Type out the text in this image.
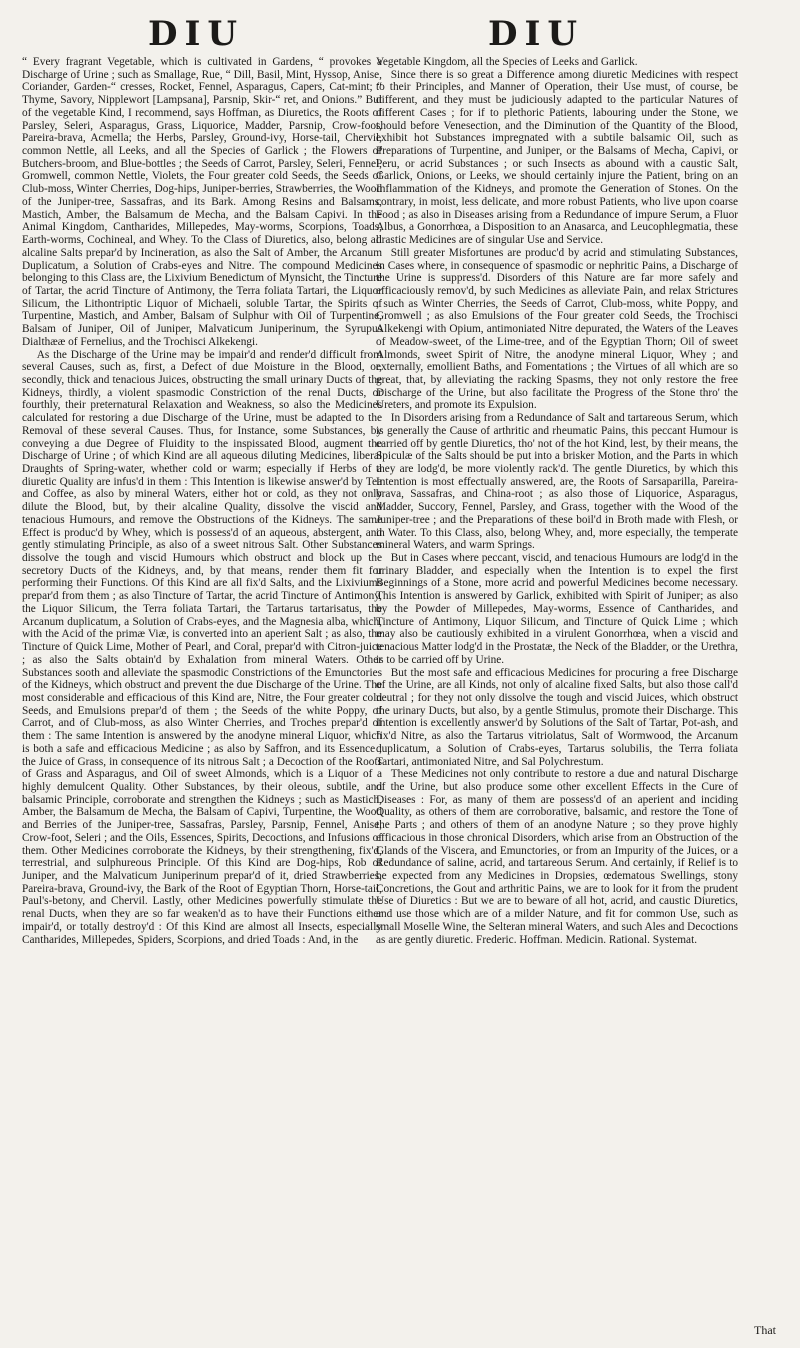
DIU	DIU

“ Every fragrant Vegetable, which is cultivated in Gardens, “ provokes a Discharge of Urine ; such as Smallage, Rue, “ Dill, Basil, Mint, Hyssop, Anise, Coriander, Garden-“ cresses, Rocket, Fennel, Asparagus, Capers, Cat-mint; “ Thyme, Savory, Nipplewort [Lampsana], Parsnip, Skir-“ ret, and Onions.” But of the vegetable Kind, I recommend, says Hoffman, as Diuretics, the Roots of Parsley, Seleri, Asparagus, Grass, Liquorice, Madder, Parsnip, Crow-foot, Pareira-brava, Acmella; the Herbs, Parsley, Ground-ivy, Horse-tail, Chervil, common Nettle, all Leeks, and all the Species of Garlick ; the Flowers of Butchers-broom, and Blue-bottles ; the Seeds of Carrot, Parsley, Seleri, Fennel, Gromwell, common Nettle, Violets, the Four greater cold Seeds, the Seeds of Club-moss, Winter Cherries, Dog-hips, Juniper-berries, Strawberries, the Wood of the Juniper-tree, Sassafras, and its Bark. Among Resins and Balsams, Mastich, Amber, the Balsamum de Mecha, and the Balsam Capivi. In the Animal Kingdom, Cantharides, Millepedes, May-worms, Scorpions, Toads, Earth-worms, Cochineal, and Whey. To the Class of Diuretics, also, belong all alcaline Salts prepar'd by Incineration, as also the Salt of Amber, the Arcanum Duplicatum, a Solution of Crabs-eyes and Nitre. The compound Medicines belonging to this Class are, the Lixivium Benedictum of Mynsicht, the Tincture of Tartar, the acrid Tincture of Antimony, the Terra foliata Tartari, the Liquor Silicum, the Lithontriptic Liquor of Michaeli, soluble Tartar, the Spirits of Turpentine, Mastich, and Amber, Balsam of Sulphur with Oil of Turpentine, Balsam of Juniper, Oil of Juniper, Malvaticum Juniperinum, the Syrupus Dialthææ of Fernelius, and the Trochisci Alkekengi.

As the Discharge of the Urine may be impair'd and render'd difficult from several Causes, such as, first, a Defect of due Moisture in the Blood, or, secondly, thick and tenacious Juices, obstructing the small urinary Ducts of the Kidneys, thirdly, a violent spasmodic Constriction of the renal Ducts, or fourthly, their preternatural Relaxation and Weakness, so also the Medicines calculated for restoring a due Discharge of the Urine, must be adapted to the Removal of these several Causes. Thus, for Instance, some Substances, by conveying a due Degree of Fluidity to the inspissated Blood, augment the Discharge of Urine ; of which Kind are all aqueous diluting Medicines, liberal Draughts of Spring-water, whether cold or warm; especially if Herbs of a diuretic Quality are infus'd in them : This Intention is likewise answer'd by Tea and Coffee, as also by mineral Waters, either hot or cold, as they not only dilute the Blood, but, by their alcaline Quality, dissolve the viscid and tenacious Humours, and remove the Obstructions of the Kidneys. The same Effect is produc'd by Whey, which is possess'd of an aqueous, abstergent, and gently stimulating Principle, as also of a sweet nitrous Salt. Other Substances dissolve the tough and viscid Humours which obstruct and block up the secretory Ducts of the Kidneys, and, by that means, render them fit for performing their Functions. Of this Kind are all fix'd Salts, and the Lixiviums prepar'd from them ; as also Tincture of Tartar, the acrid Tincture of Antimony, the Liquor Silicum, the Terra foliata Tartari, the Tartarus tartarisatus, the Arcanum duplicatum, a Solution of Crabs-eyes, and the Magnesia alba, which, with the Acid of the primæ Viæ, is converted into an aperient Salt ; as also, the Tincture of Quick Lime, Mother of Pearl, and Coral, prepar'd with Citron-juice ; as also the Salts obtain'd by Exhalation from mineral Waters. Other Substances sooth and alleviate the spasmodic Constrictions of the Emunctories of the Kidneys, which obstruct and prevent the due Discharge of the Urine. The most considerable and efficacious of this Kind are, Nitre, the Four greater cold Seeds, and Emulsions prepar'd of them ; the Seeds of the white Poppy, of Carrot, and of Club-moss, as also Winter Cherries, and Troches prepar'd of them : The same Intention is answered by the anodyne mineral Liquor, which is both a safe and efficacious Medicine ; as also by Saffron, and its Essence ; the Juice of Grass, in consequence of its nitrous Salt ; a Decoction of the Roots of Grass and Asparagus, and Oil of sweet Almonds, which is a Liquor of a highly demulcent Quality. Other Substances, by their oleous, subtile, and balsamic Principle, corroborate and strengthen the Kidneys ; such as Mastich, Amber, the Balsamum de Mecha, the Balsam of Capivi, Turpentine, the Wood and Berries of the Juniper-tree, Sassafras, Parsley, Parsnip, Fennel, Anise, Crow-foot, Seleri ; and the Oils, Essences, Spirits, Decoctions, and Infusions of them. Other Medicines corroborate the Kidneys, by their strengthening, fix'd, terrestrial, and sulphureous Principle. Of this Kind are Dog-hips, Rob of Juniper, and the Malvaticum Juniperinum prepar'd of it, dried Strawberries, Pareira-brava, Ground-ivy, the Bark of the Root of Egyptian Thorn, Horse-tail, Paul's-betony, and Chervil. Lastly, other Medicines powerfully stimulate the renal Ducts, when they are so far weaken'd as to have their Functions either impair'd, or totally destroy'd : Of this Kind are almost all Insects, especially Cantharides, Millepedes, Spiders, Scorpions, and dried Toads : And, in the

Vegetable Kingdom, all the Species of Leeks and Garlick.

Since there is so great a Difference among diuretic Medicines with respect to their Principles, and Manner of Operation, their Use must, of course, be different, and they must be judiciously adapted to the particular Natures of different Cases ; for if to plethoric Patients, labouring under the Stone, we should before Venesection, and the Diminution of the Quantity of the Blood, exhibit hot Substances impregnated with a subtile balsamic Oil, such as Preparations of Turpentine, and Juniper, or the Balsams of Mecha, Capivi, or Peru, or acrid Substances ; or such Insects as abound with a caustic Salt, Garlick, Onions, or Leeks, we should certainly injure the Patient, bring on an Inflammation of the Kidneys, and promote the Generation of Stones. On the contrary, in moist, less delicate, and more robust Patients, who live upon coarse Food ; as also in Diseases arising from a Redundance of impure Serum, a Fluor Albus, a Gonorrhœa, a Disposition to an Anasarca, and Leucophlegmatia, these drastic Medicines are of singular Use and Service.

Still greater Misfortunes are produc'd by acrid and stimulating Substances, in Cases where, in consequence of spasmodic or nephritic Pains, a Discharge of the Urine is suppress'd. Disorders of this Nature are far more safely and efficaciously remov'd, by such Medicines as alleviate Pain, and relax Strictures ; such as Winter Cherries, the Seeds of Carrot, Club-moss, white Poppy, and Gromwell ; as also Emulsions of the Four greater cold Seeds, the Trochisci Alkekengi with Opium, antimoniated Nitre depurated, the Waters of the Leaves of Meadow-sweet, of the Lime-tree, and of the Egyptian Thorn; Oil of sweet Almonds, sweet Spirit of Nitre, the anodyne mineral Liquor, Whey ; and externally, emollient Baths, and Fomentations ; the Virtues of all which are so great, that, by alleviating the racking Spasms, they not only restore the free Discharge of the Urine, but also facilitate the Progress of the Stone thro' the Ureters, and promote its Expulsion.

In Disorders arising from a Redundance of Salt and tartareous Serum, which is generally the Cause of arthritic and rheumatic Pains, this peccant Humour is carried off by gentle Diuretics, tho' not of the hot Kind, lest, by their means, the Spiculæ of the Salts should be put into a brisker Motion, and the Parts in which they are lodg'd, be more violently rack'd. The gentle Diuretics, by which this Intention is most effectually answered, are, the Roots of Sarsaparilla, Pareira-brava, Sassafras, and China-root ; as also those of Liquorice, Asparagus, Madder, Succory, Fennel, Parsley, and Grass, together with the Wood of the Juniper-tree ; and the Preparations of these boil'd in Broth made with Flesh, or in Water. To this Class, also, belong Whey, and, more especially, the temperate mineral Waters, and warm Springs.

But in Cases where peccant, viscid, and tenacious Humours are lodg'd in the urinary Bladder, and especially when the Intention is to expel the first Beginnings of a Stone, more acrid and powerful Medicines become necessary. This Intention is answered by Garlick, exhibited with Spirit of Juniper; as also by the Powder of Millepedes, May-worms, Essence of Cantharides, and Tincture of Antimony, Liquor Silicum, and Tincture of Quick Lime ; which may also be cautiously exhibited in a virulent Gonorrhœa, when a viscid and tenacious Matter lodg'd in the Prostatæ, the Neck of the Bladder, or the Urethra, is to be carried off by Urine.

But the most safe and efficacious Medicines for procuring a free Discharge of the Urine, are all Kinds, not only of alcaline fixed Salts, but also those call'd neutral ; for they not only dissolve the tough and viscid Juices, which obstruct the urinary Ducts, but also, by a gentle Stimulus, promote their Discharge. This Intention is excellently answer'd by Solutions of the Salt of Tartar, Pot-ash, and fix'd Nitre, as also the Tartarus vitriolatus, Salt of Wormwood, the Arcanum duplicatum, a Solution of Crabs-eyes, Tartarus solubilis, the Terra foliata Tartari, antimoniated Nitre, and Sal Polychrestum.

These Medicines not only contribute to restore a due and natural Discharge of the Urine, but also produce some other excellent Effects in the Cure of Diseases : For, as many of them are possess'd of an aperient and inciding Quality, as others of them are corroborative, balsamic, and restore the Tone of the Parts ; and others of them of an anodyne Nature ; so they prove highly efficacious in those chronical Disorders, which arise from an Obstruction of the Glands of the Viscera, and Emunctories, or from an Impurity of the Juices, or a Redundance of saline, acrid, and tartareous Serum. And certainly, if Relief is to be expected from any Medicines in Dropsies, œdematous Swellings, stony Concretions, the Gout and arthritic Pains, we are to look for it from the prudent Use of Diuretics : But we are to beware of all hot, acrid, and caustic Diuretics, and use those which are of a milder Nature, and fit for common Use, such as small Moselle Wine, the Selteran mineral Waters, and such Ales and Decoctions as are gently diuretic. Frederic. Hoffman. Medicin. Rational. Systemat.

That
